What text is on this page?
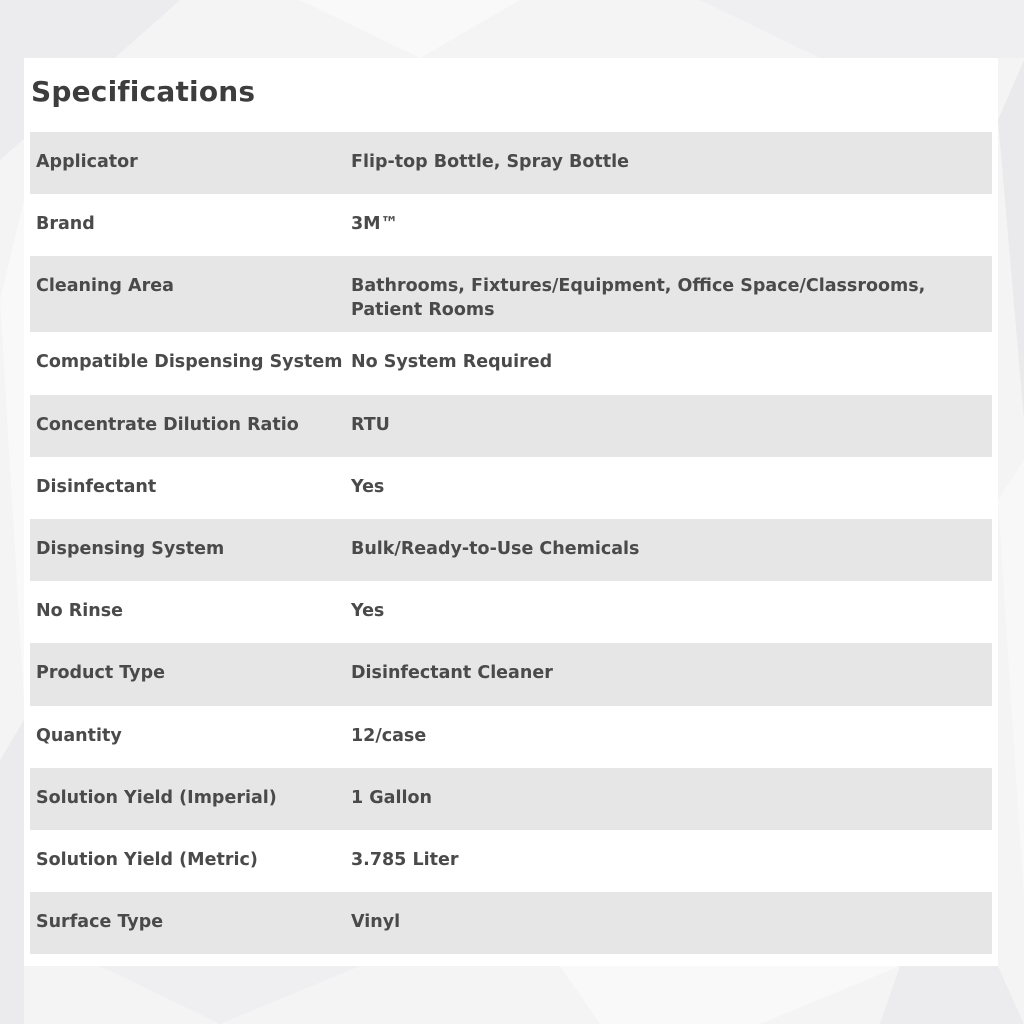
Specifications
Applicator	Flip-top Bottle, Spray Bottle
Brand	3M™
Cleaning Area	Bathrooms, Fixtures/Equipment, Office Space/Classrooms, Patient Rooms
Compatible Dispensing System No System Required
Concentrate Dilution Ratio	RTU
Disinfectant	Yes
Dispensing System	Bulk/Ready-to-Use Chemicals
No Rinse	Yes
Product Type	Disinfectant Cleaner
Quantity	12/case
Solution Yield (Imperial)	1 Gallon
Solution Yield (Metric)	3.785 Liter
Surface Type	Vinyl
